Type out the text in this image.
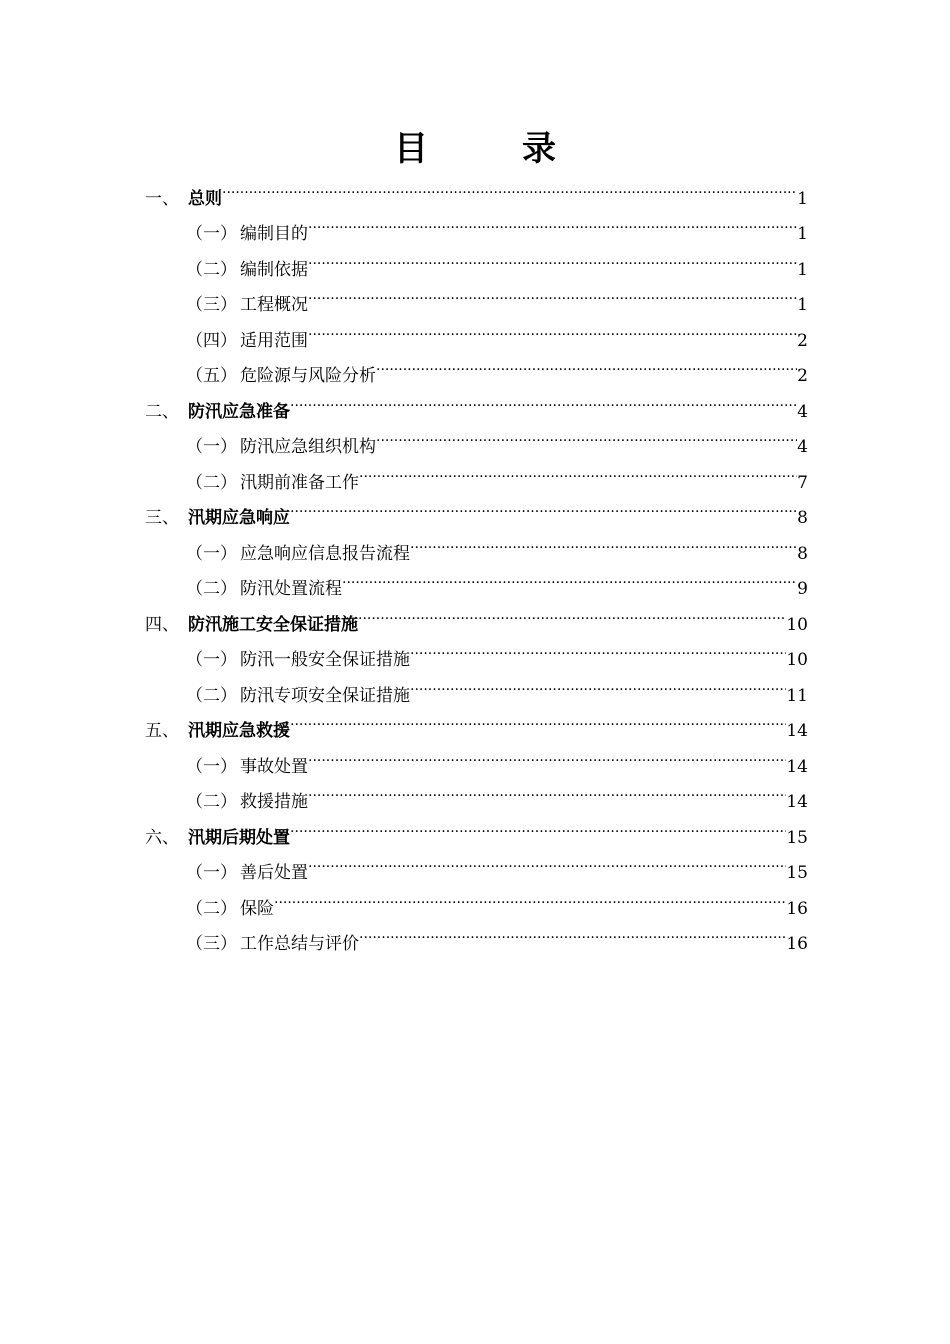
目　录
一、 总则 .....	1
（一） 编制目的 .....	1
（二） 编制依据 .....	1
（三） 工程概况 .....	1
（四） 适用范围 .....	2
（五） 危险源与风险分析 .....	2
二、 防汛应急准备 .....	4
（一） 防汛应急组织机构 .....	4
（二） 汛期前准备工作 .....	7
三、 汛期应急响应 .....	8
（一） 应急响应信息报告流程 .....	8
（二） 防汛处置流程 .....	9
四、 防汛施工安全保证措施 .....	10
（一） 防汛一般安全保证措施 .....	10
（二） 防汛专项安全保证措施 .....	11
五、 汛期应急救援 .....	14
（一） 事故处置 .....	14
（二） 救援措施 .....	14
六、 汛期后期处置 .....	15
（一） 善后处置 .....	15
（二） 保险 .....	16
（三） 工作总结与评价 .....	16
